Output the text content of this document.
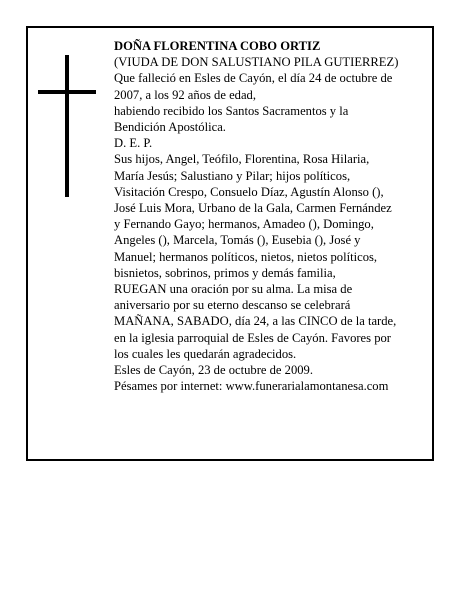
DOÑA FLORENTINA COBO ORTIZ
(VIUDA DE DON SALUSTIANO PILA GUTIERREZ)
Que falleció en Esles de Cayón, el día 24 de octubre de
2007, a los 92 años de edad,
habiendo recibido los Santos Sacramentos y la
Bendición Apostólica.
D. E. P.
Sus hijos, Angel, Teófilo, Florentina, Rosa Hilaria,
María Jesús; Salustiano y Pilar; hijos políticos,
Visitación Crespo, Consuelo Díaz, Agustín Alonso (),
José Luis Mora, Urbano de la Gala, Carmen Fernández
y Fernando Gayo; hermanos, Amadeo (), Domingo,
Angeles (), Marcela, Tomás (), Eusebia (), José y
Manuel; hermanos políticos, nietos, nietos políticos,
bisnietos, sobrinos, primos y demás familia,
RUEGAN una oración por su alma. La misa de
aniversario por su eterno descanso se celebrará
MAÑANA, SABADO, día 24, a las CINCO de la tarde,
en la iglesia parroquial de Esles de Cayón. Favores por
los cuales les quedarán agradecidos.
Esles de Cayón, 23 de octubre de 2009.
Pésames por internet: www.funerarialamontanesa.com
